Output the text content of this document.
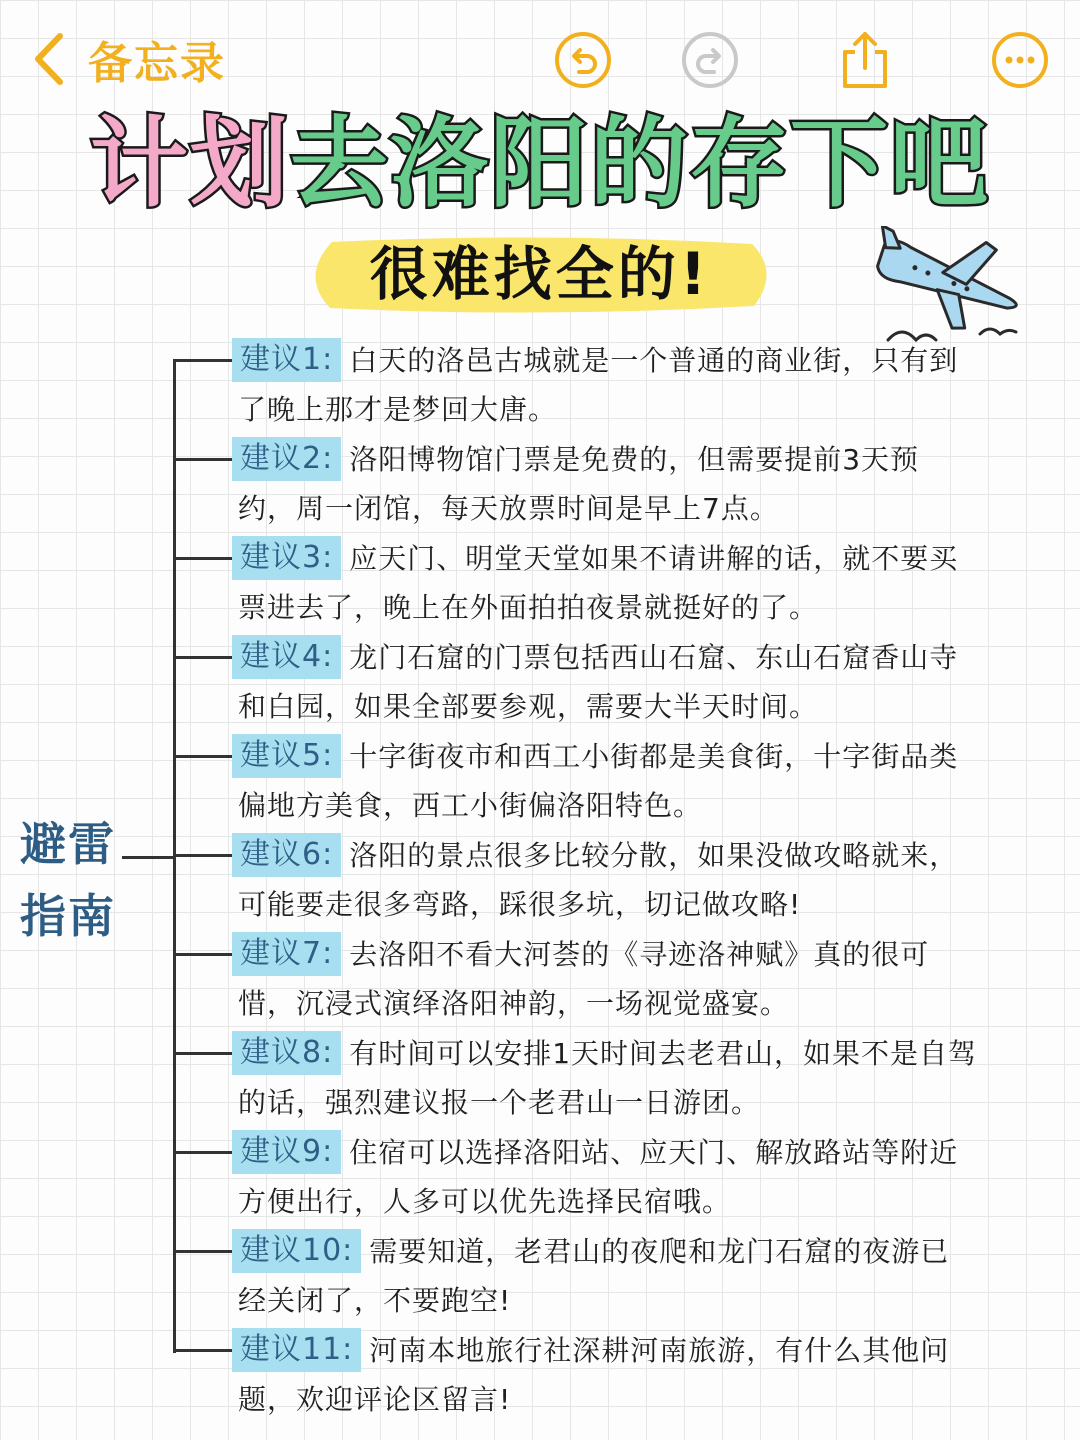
备忘录
计划去洛阳的存下吧
很难找全的!
避雷
指南
建议1: 白天的洛邑古城就是一个普通的商业街，只有到
了晚上那才是梦回大唐。
建议2: 洛阳博物馆门票是免费的，但需要提前3天预
约，周一闭馆，每天放票时间是早上7点。
建议3: 应天门、明堂天堂如果不请讲解的话，就不要买
票进去了，晚上在外面拍拍夜景就挺好的了。
建议4: 龙门石窟的门票包括西山石窟、东山石窟香山寺
和白园，如果全部要参观，需要大半天时间。
建议5: 十字街夜市和西工小街都是美食街，十字街品类
偏地方美食，西工小街偏洛阳特色。
建议6: 洛阳的景点很多比较分散，如果没做攻略就来，
可能要走很多弯路，踩很多坑，切记做攻略!
建议7: 去洛阳不看大河荟的《寻迹洛神赋》真的很可
惜，沉浸式演绎洛阳神韵，一场视觉盛宴。
建议8: 有时间可以安排1天时间去老君山，如果不是自驾
的话，强烈建议报一个老君山一日游团。
建议9: 住宿可以选择洛阳站、应天门、解放路站等附近
方便出行，人多可以优先选择民宿哦。
建议10: 需要知道，老君山的夜爬和龙门石窟的夜游已
经关闭了，不要跑空!
建议11: 河南本地旅行社深耕河南旅游，有什么其他问
题，欢迎评论区留言!
